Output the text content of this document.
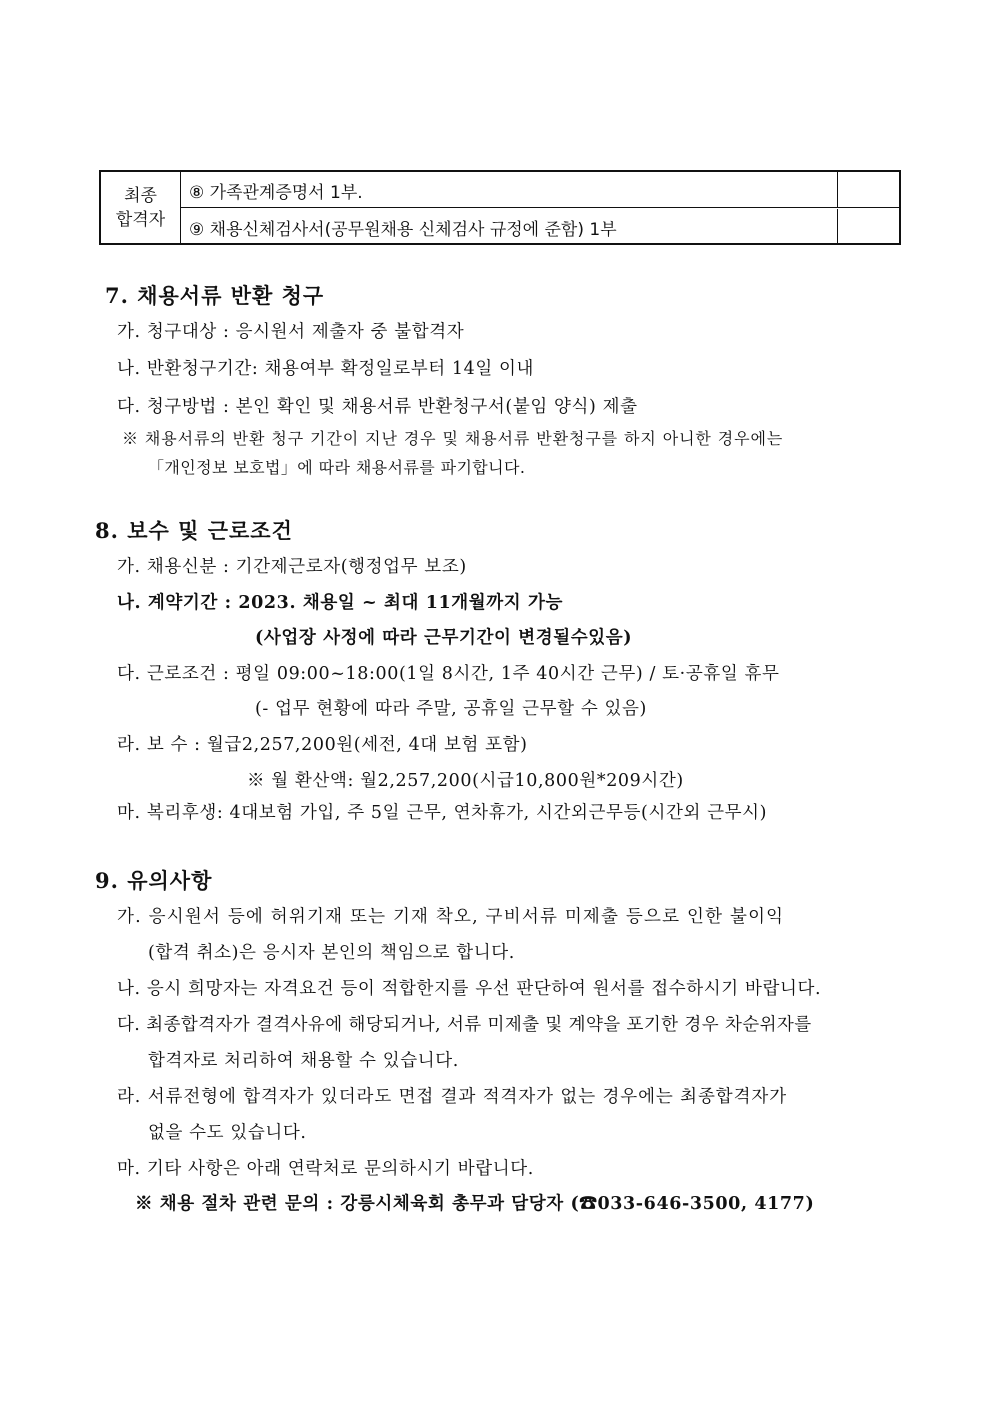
최종
합격자
⑧ 가족관계증명서 1부.
⑨ 채용신체검사서(공무원채용 신체검사 규정에 준함) 1부
7. 채용서류 반환 청구
가. 청구대상 : 응시원서 제출자 중 불합격자
나. 반환청구기간: 채용여부 확정일로부터 14일 이내
다. 청구방법 : 본인 확인 및 채용서류 반환청구서(붙임 양식) 제출
※ 채용서류의 반환 청구 기간이 지난 경우 및 채용서류 반환청구를 하지 아니한 경우에는
「개인정보 보호법」에 따라 채용서류를 파기합니다.
8. 보수 및 근로조건
가. 채용신분 : 기간제근로자(행정업무 보조)
나. 계약기간 : 2023. 채용일 ~ 최대 11개월까지 가능
(사업장 사정에 따라 근무기간이 변경될수있음)
다. 근로조건 : 평일 09:00~18:00(1일 8시간, 1주 40시간 근무) / 토·공휴일 휴무
(- 업무 현황에 따라 주말, 공휴일 근무할 수 있음)
라. 보 수 : 월급2,257,200원(세전, 4대 보험 포함)
※ 월 환산액: 월2,257,200(시급10,800원*209시간)
마. 복리후생: 4대보험 가입, 주 5일 근무, 연차휴가, 시간외근무등(시간외 근무시)
9. 유의사항
가. 응시원서 등에 허위기재 또는 기재 착오, 구비서류 미제출 등으로 인한 불이익
(합격 취소)은 응시자 본인의 책임으로 합니다.
나. 응시 희망자는 자격요건 등이 적합한지를 우선 판단하여 원서를 접수하시기 바랍니다.
다. 최종합격자가 결격사유에 해당되거나, 서류 미제출 및 계약을 포기한 경우 차순위자를
합격자로 처리하여 채용할 수 있습니다.
라. 서류전형에 합격자가 있더라도 면접 결과 적격자가 없는 경우에는 최종합격자가
없을 수도 있습니다.
마. 기타 사항은 아래 연락처로 문의하시기 바랍니다.
※ 채용 절차 관련 문의 : 강릉시체육회 총무과 담당자 (☎033-646-3500, 4177)
